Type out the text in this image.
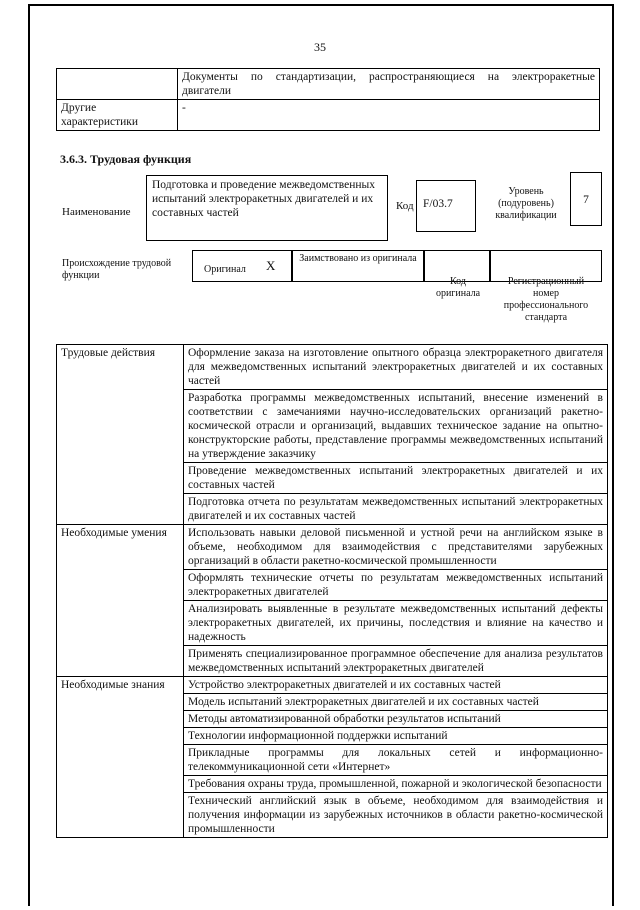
35
	Документы по стандартизации, распространяющиеся на электроракетные двигатели
Другие характеристики	-
3.6.3. Трудовая функция
Наименование
Подготовка и проведение межведомственных испытаний электроракетных двигателей и их составных частей
Код F/03.7
Уровень (подуровень) квалификации
7
Происхождение трудовой функции
Оригинал X	Заимствовано из оригинала
Код оригинала
Регистрационный номер профессионального стандарта
Трудовые действия	Оформление заказа на изготовление опытного образца электроракетного двигателя для межведомственных испытаний электроракетных двигателей и их составных частей
	Разработка программы межведомственных испытаний, внесение изменений в соответствии с замечаниями научно-исследовательских организаций ракетно-космической отрасли и организаций, выдавших техническое задание на опытно-конструкторские работы, представление программы межведомственных испытаний на утверждение заказчику
	Проведение межведомственных испытаний электроракетных двигателей и их составных частей
	Подготовка отчета по результатам межведомственных испытаний электроракетных двигателей и их составных частей
Необходимые умения	Использовать навыки деловой письменной и устной речи на английском языке в объеме, необходимом для взаимодействия с представителями зарубежных организаций в области ракетно-космической промышленности
	Оформлять технические отчеты по результатам межведомственных испытаний электроракетных двигателей
	Анализировать выявленные в результате межведомственных испытаний дефекты электроракетных двигателей, их причины, последствия и влияние на качество и надежность
	Применять специализированное программное обеспечение для анализа результатов межведомственных испытаний электроракетных двигателей
Необходимые знания	Устройство электроракетных двигателей и их составных частей
	Модель испытаний электроракетных двигателей и их составных частей
	Методы автоматизированной обработки результатов испытаний
	Технологии информационной поддержки испытаний
	Прикладные программы для локальных сетей и информационно-телекоммуникационной сети «Интернет»
	Требования охраны труда, промышленной, пожарной и экологической безопасности
	Технический английский язык в объеме, необходимом для взаимодействия и получения информации из зарубежных источников в области ракетно-космической промышленности
